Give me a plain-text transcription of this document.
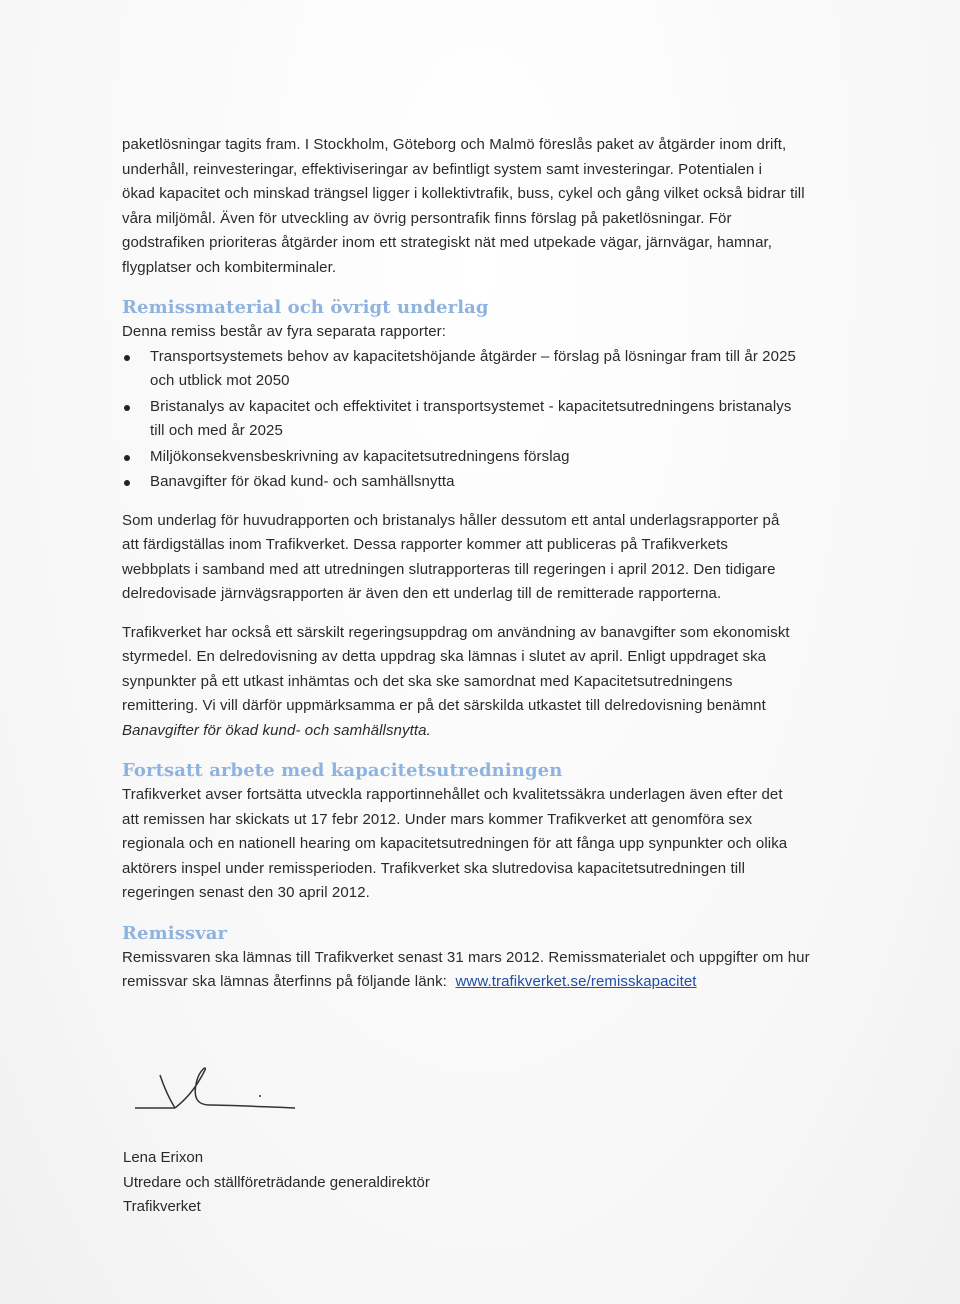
paketlösningar tagits fram. I Stockholm, Göteborg och Malmö föreslås paket av åtgärder inom drift,
underhåll, reinvesteringar, effektiviseringar av befintligt system samt investeringar. Potentialen i
ökad kapacitet och minskad trängsel ligger i kollektivtrafik, buss, cykel och gång vilket också bidrar till
våra miljömål. Även för utveckling av övrig persontrafik finns förslag på paketlösningar. För
godstrafiken prioriteras åtgärder inom ett strategiskt nät med utpekade vägar, järnvägar, hamnar,
flygplatser och kombiterminaler.

Remissmaterial och övrigt underlag

Denna remiss består av fyra separata rapporter:

Transportsystemets behov av kapacitetshöjande åtgärder – förslag på lösningar fram till år 2025
och utblick mot 2050
Bristanalys av kapacitet och effektivitet i transportsystemet - kapacitetsutredningens bristanalys
till och med år 2025
Miljökonsekvensbeskrivning av kapacitetsutredningens förslag
Banavgifter för ökad kund- och samhällsnytta

Som underlag för huvudrapporten och bristanalys håller dessutom ett antal underlagsrapporter på
att färdigställas inom Trafikverket. Dessa rapporter kommer att publiceras på Trafikverkets
webbplats i samband med att utredningen slutrapporteras till regeringen i april 2012. Den tidigare
delredovisade järnvägsrapporten är även den ett underlag till de remitterade rapporterna.

Trafikverket har också ett särskilt regeringsuppdrag om användning av banavgifter som ekonomiskt
styrmedel. En delredovisning av detta uppdrag ska lämnas i slutet av april. Enligt uppdraget ska
synpunkter på ett utkast inhämtas och det ska ske samordnat med Kapacitetsutredningens
remittering. Vi vill därför uppmärksamma er på det särskilda utkastet till delredovisning benämnt
Banavgifter för ökad kund- och samhällsnytta.

Fortsatt arbete med kapacitetsutredningen

Trafikverket avser fortsätta utveckla rapportinnehållet och kvalitetssäkra underlagen även efter det
att remissen har skickats ut 17 febr 2012. Under mars kommer Trafikverket att genomföra sex
regionala och en nationell hearing om kapacitetsutredningen för att fånga upp synpunkter och olika
aktörers inspel under remissperioden. Trafikverket ska slutredovisa kapacitetsutredningen till
regeringen senast den 30 april 2012.

Remissvar

Remissvaren ska lämnas till Trafikverket senast 31 mars 2012. Remissmaterialet och uppgifter om hur
remissvar ska lämnas återfinns på följande länk: www.trafikverket.se/remisskapacitet

Lena Erixon
Utredare och ställföreträdande generaldirektör
Trafikverket
